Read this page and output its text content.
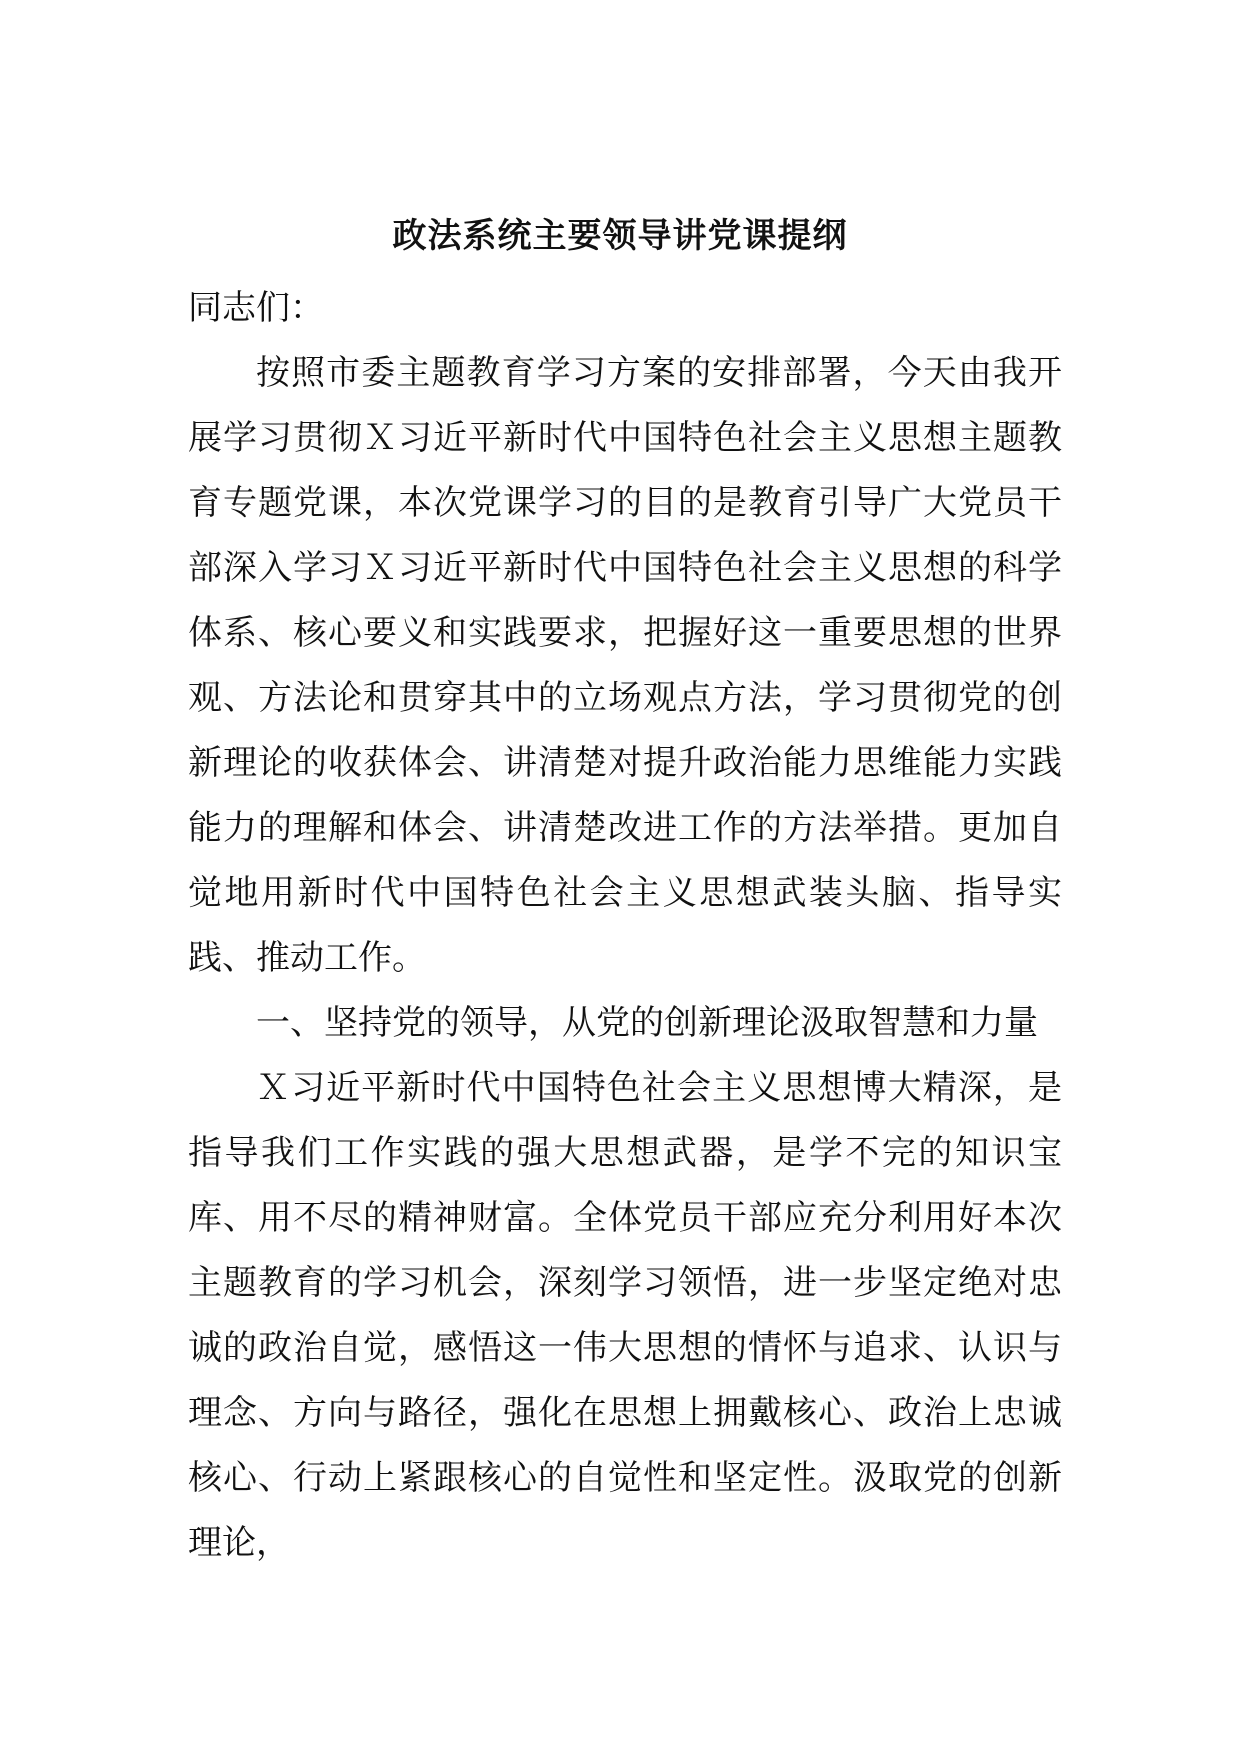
政法系统主要领导讲党课提纲

同志们：

按照市委主题教育学习方案的安排部署，今天由我开展学习贯彻Ｘ习近平新时代中国特色社会主义思想主题教育专题党课，本次党课学习的目的是教育引导广大党员干部深入学习Ｘ习近平新时代中国特色社会主义思想的科学体系、核心要义和实践要求，把握好这一重要思想的世界观、方法论和贯穿其中的立场观点方法，学习贯彻党的创新理论的收获体会、讲清楚对提升政治能力思维能力实践能力的理解和体会、讲清楚改进工作的方法举措。更加自觉地用新时代中国特色社会主义思想武装头脑、指导实践、推动工作。

一、坚持党的领导，从党的创新理论汲取智慧和力量

Ｘ习近平新时代中国特色社会主义思想博大精深，是指导我们工作实践的强大思想武器，是学不完的知识宝库、用不尽的精神财富。全体党员干部应充分利用好本次主题教育的学习机会，深刻学习领悟，进一步坚定绝对忠诚的政治自觉，感悟这一伟大思想的情怀与追求、认识与理念、方向与路径，强化在思想上拥戴核心、政治上忠诚核心、行动上紧跟核心的自觉性和坚定性。汲取党的创新理论，
